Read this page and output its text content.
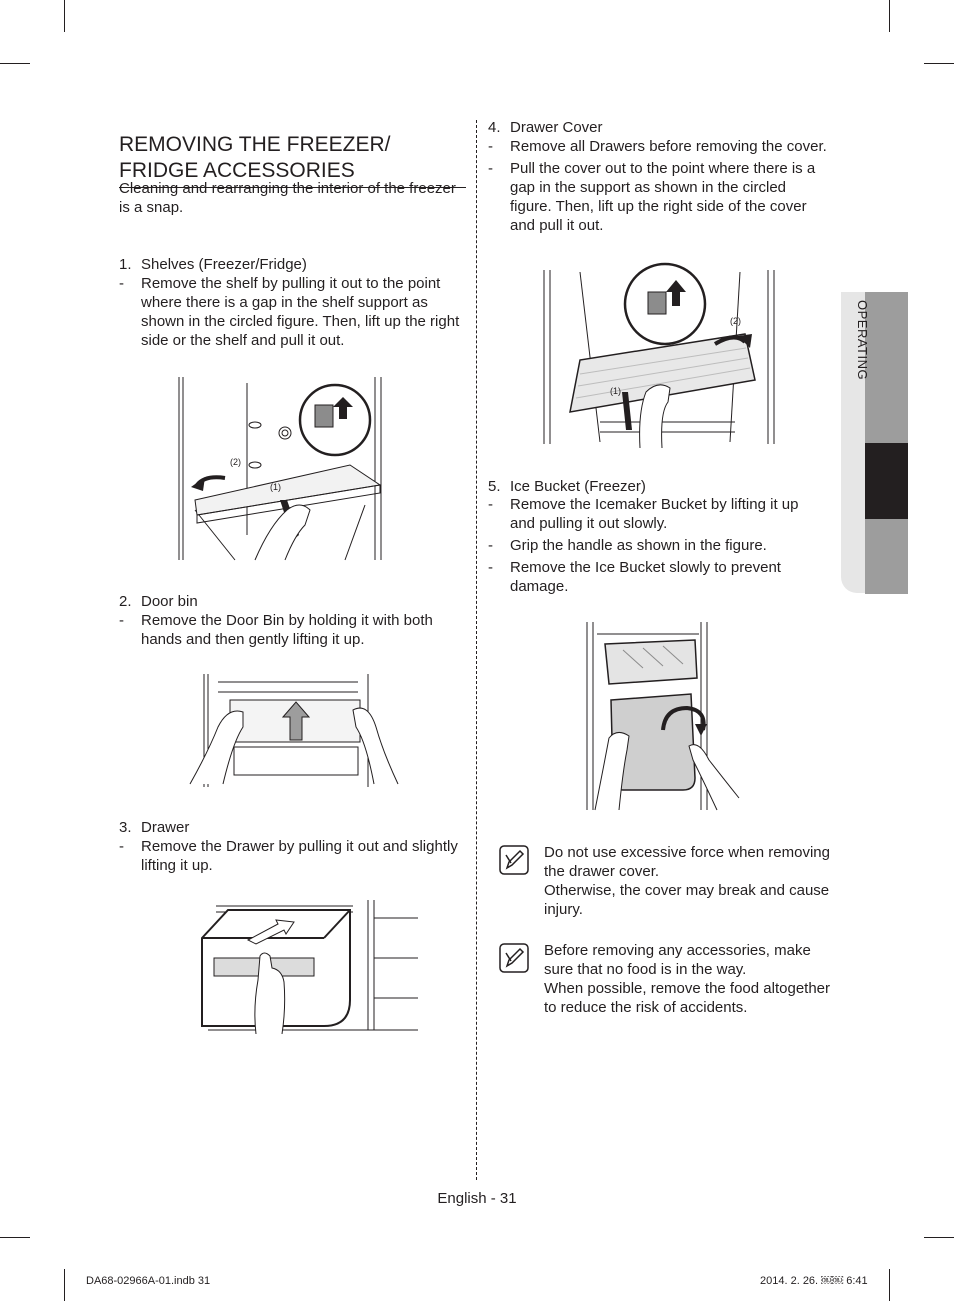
OPERATING
REMOVING THE FREEZER/ FRIDGE ACCESSORIES
Cleaning and rearranging the interior of the freezer is a snap.
1. Shelves (Freezer/Fridge)
- Remove the shelf by pulling it out to the point where there is a gap in the shelf support as shown in the circled figure. Then, lift up the right side or the shelf and pull it out.
(2)
(1)
2. Door bin
- Remove the Door Bin by holding it with both hands and then gently lifting it up.
3. Drawer
- Remove the Drawer by pulling it out and slightly lifting it up.
4. Drawer Cover
- Remove all Drawers before removing the cover.
- Pull the cover out to the point where there is a gap in the support as shown in the circled figure. Then, lift up the right side of the cover and pull it out.
(2)
(1)
5. Ice Bucket (Freezer)
- Remove the Icemaker Bucket by lifting it up and pulling it out slowly.
- Grip the handle as shown in the figure.
- Remove the Ice Bucket slowly to prevent damage.
Do not use excessive force when removing the drawer cover.
Otherwise, the cover may break and cause injury.
Before removing any accessories, make sure that no food is in the way.
When possible, remove the food altogether to reduce the risk of accidents.
English - 31
DA68-02966A-01.indb 31	2014. 2. 26. ￼￼ 6:41
